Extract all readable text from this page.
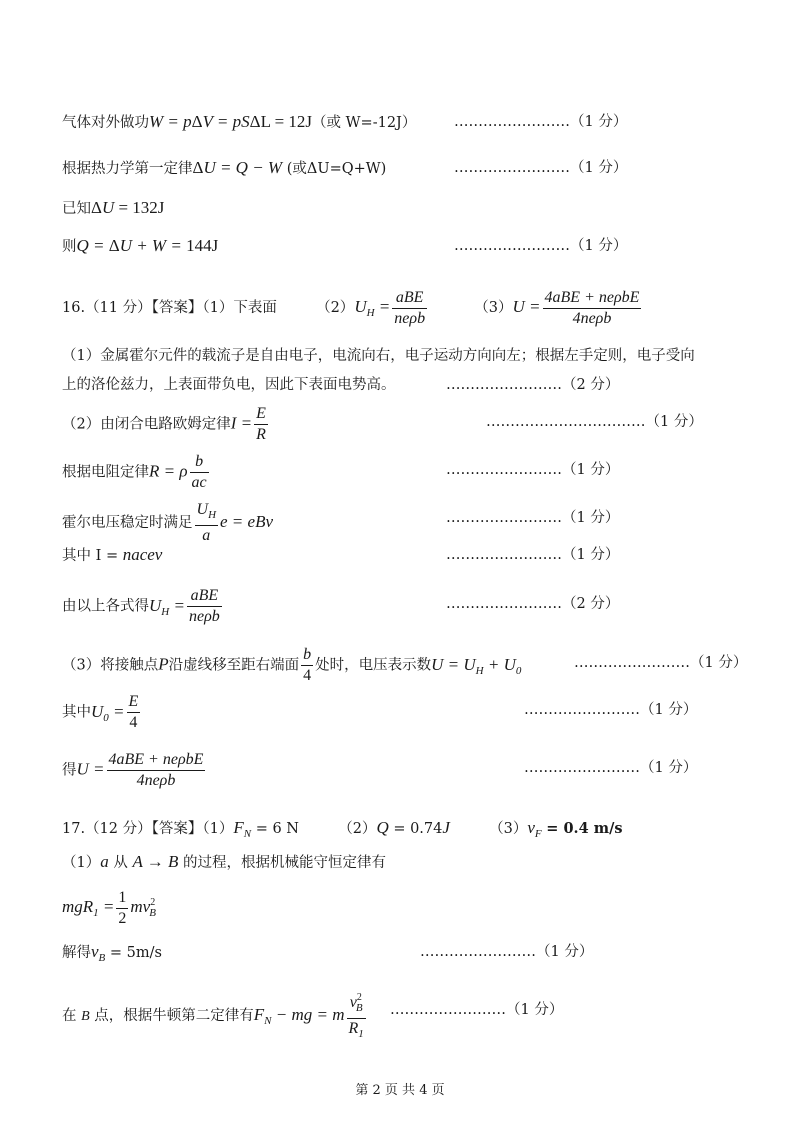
气体对外做功W = pΔV = pSΔL = 12J（或 W=-12J）	……………………（1 分）
根据热力学第一定律ΔU = Q − W (或ΔU=Q+W)	……………………（1 分）
已知ΔU = 132J
则Q = ΔU + W = 144J	……………………（1 分）
16.（11 分）【答案】（1）下表面	$(2)U_H = \frac{\text{aBE}}{\text{neρb}}$	$(3)U = \frac{\text{4aBE + neρbE}}{\text{4neρb}}$
（1）金属霍尔元件的载流子是自由电子，电流向右，电子运动方向向左；根据左手定则，电子受向
上的洛伦兹力，上表面带负电，因此下表面电势高。	……………………（2 分）
（2）由闭合电路欧姆定律$I = \frac{E}{R}$	……………………………（1 分）
根据电阻定律R = ρ $\frac{b}{ac}$	……………………（1 分）
霍尔电压稳定时满足 $\frac{U_H}{a}$ e = eBv	……………………（1 分）
其中 I = nacev	……………………（1 分）
由以上各式得$U_H = \frac{\text{aBE}}{\text{neρb}}$	……………………（2 分）
（3）将接触点P沿虚线移至距右端面 $\frac{b}{4}$ 处时，电压表示数$U = U_H + U_0$	……………………（1 分）
其中$U_0 = \frac{E}{4}$	……………………（1 分）
得$U = \frac{\text{4aBE + neρbE}}{\text{4neρb}}$	……………………（1 分）
17.（12 分）【答案】$(1)F_N = 6$ N	（2）Q = 0.74J	$(3)v_F = 0.4$ m/s
（1）a 从 A → B 的过程，根据机械能守恒定律有
$mgR_1 = \frac{1}{2} mv^2_B$
解得$v_B = 5m/s$	……………………（1 分）
在 B 点，根据牛顿第二定律有$F_N$ − mg = m $\frac{v^2_B}{R_1}$ ……………………（1 分）
第 2 页 共 4 页
